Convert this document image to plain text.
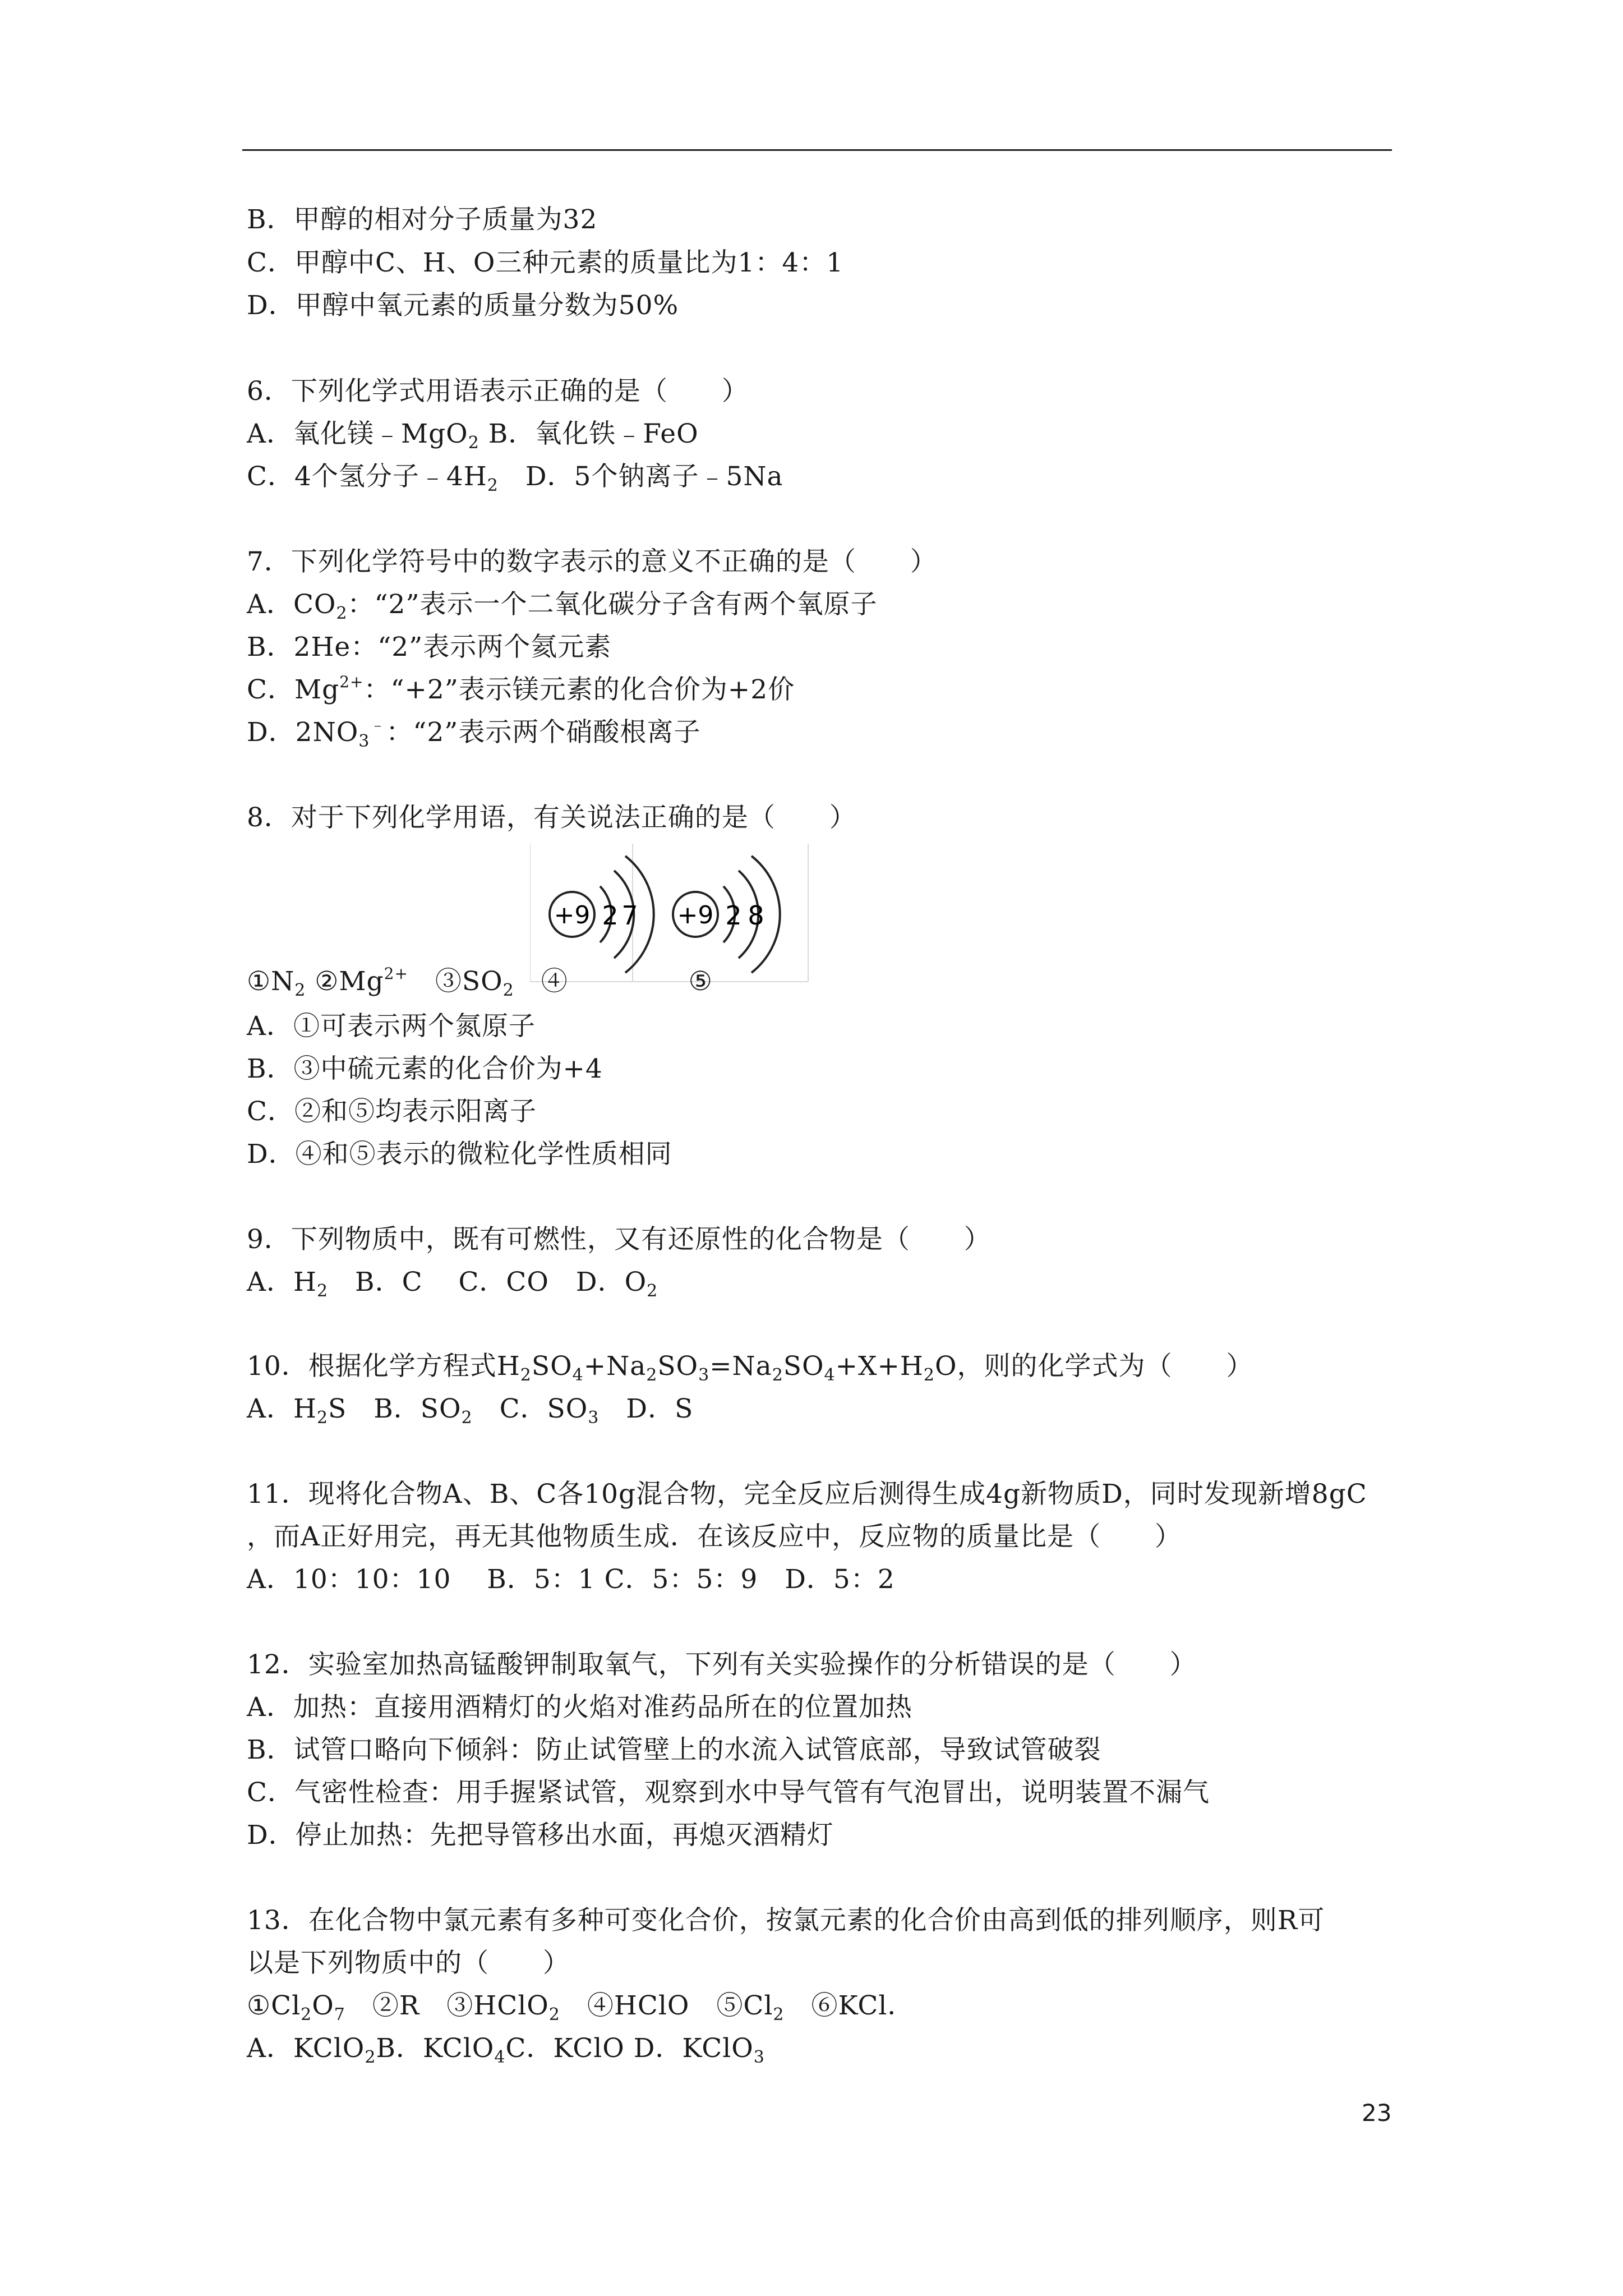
B．甲醇的相对分子质量为32
C．甲醇中C、H、O三种元素的质量比为1：4：1
D．甲醇中氧元素的质量分数为50%
6．下列化学式用语表示正确的是（　　）
A．氧化镁﹣MgO$_2$ B．氧化铁﹣FeO
C．4个氢分子$﹣4H_2$　D．5个钠离子﹣5Na
7．下列化学符号中的数字表示的意义不正确的是（　　）
A．$CO_2$：“2”表示一个二氧化碳分子含有两个氧原子
B．2He：“2”表示两个氦元素
C．$Mg^{2+}$：“+2”表示镁元素的化合价为+2价
D．$2NO_3^﹣$：“2”表示两个硝酸根离子
8．对于下列化学用语，有关说法正确的是（　　）
+9 2 7 +9 2 8
$①N_2$ $②Mg^{2+}$　$③SO_2$　④	⑤
A．①可表示两个氮原子
B．③中硫元素的化合价为+4
C．②和⑤均表示阳离子
D．④和⑤表示的微粒化学性质相同
9．下列物质中，既有可燃性，又有还原性的化合物是（　　）
A．$H_2$　B．C　 C．CO　D．$O_2$
10．根据化学方程式$H_2SO_4+Na_2SO_3=Na_2SO_4+X+H_2O$，则的化学式为（　　）
A．$H_2S$　B．$SO_2$　C．$SO_3$　D．S
11．现将化合物A、B、C各10g混合物，完全反应后测得生成4g新物质D，同时发现新增8gC
，而A正好用完，再无其他物质生成．在该反应中，反应物的质量比是（　　）
A．10：10：10　 B．5：1 C．5：5：9　D．5：2
12．实验室加热高锰酸钾制取氧气，下列有关实验操作的分析错误的是（　　）
A．加热：直接用酒精灯的火焰对准药品所在的位置加热
B．试管口略向下倾斜：防止试管壁上的水流入试管底部，导致试管破裂
C．气密性检查：用手握紧试管，观察到水中导气管有气泡冒出，说明装置不漏气
D．停止加热：先把导管移出水面，再熄灭酒精灯
13．在化合物中氯元素有多种可变化合价，按氯元素的化合价由高到低的排列顺序，则R可
以是下列物质中的（　　）
$①Cl_2O_7$　②R　③HClO$_2$　④HClO　$⑤Cl_2$　⑥KCl．
A．KClO$_2$B．KClO$_4$C．KClO D．KClO$_3$
23
